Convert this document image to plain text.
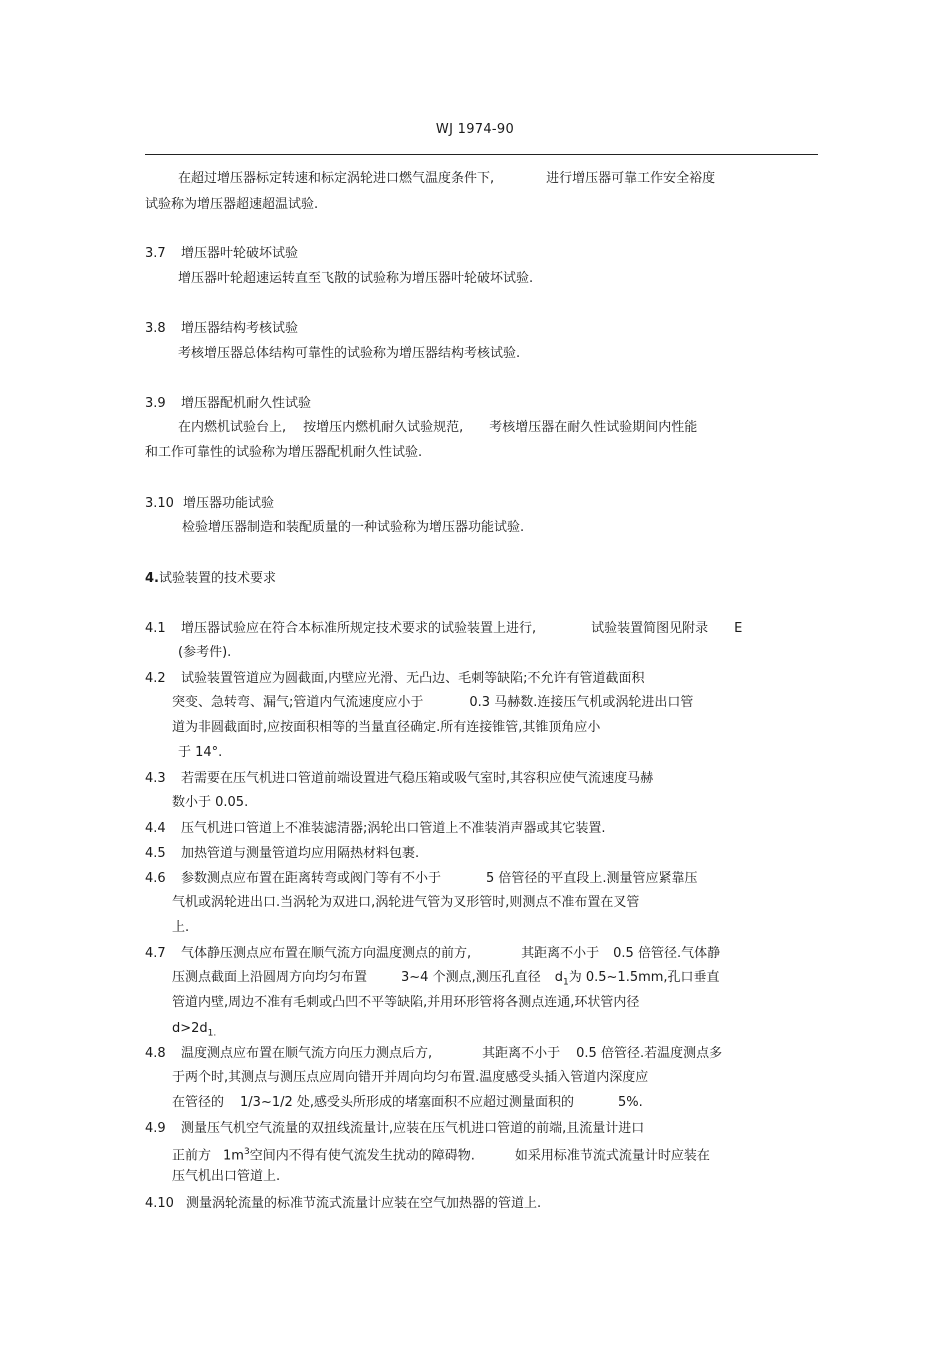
WJ 1974-90
在超过增压器标定转速和标定涡轮进口燃气温度条件下,	进行增压器可靠工作安全裕度
试验称为增压器超速超温试验.
3.7 增压器叶轮破坏试验
增压器叶轮超速运转直至飞散的试验称为增压器叶轮破坏试验.
3.8 增压器结构考核试验
考核增压器总体结构可靠性的试验称为增压器结构考核试验.
3.9 增压器配机耐久性试验
在内燃机试验台上, 按增压内燃机耐久试验规范, 考核增压器在耐久性试验期间内性能
和工作可靠性的试验称为增压器配机耐久性试验.
3.10 增压器功能试验
检验增压器制造和装配质量的一种试验称为增压器功能试验.
4.试验装置的技术要求
4.1 增压器试验应在符合本标准所规定技术要求的试验装置上进行,	试验装置简图见附录 E
(参考件).
4.2 试验装置管道应为圆截面,内壁应光滑、无凸边、毛刺等缺陷;不允许有管道截面积
突变、急转弯、漏气;管道内气流速度应小于	0.3 马赫数.连接压气机或涡轮进出口管
道为非圆截面时,应按面积相等的当量直径确定.所有连接锥管,其锥顶角应小
于 14°.
4.3 若需要在压气机进口管道前端设置进气稳压箱或吸气室时,其容积应使气流速度马赫
数小于 0.05.
4.4 压气机进口管道上不准装滤清器;涡轮出口管道上不准装消声器或其它装置.
4.5 加热管道与测量管道均应用隔热材料包裹.
4.6 参数测点应布置在距离转弯或阀门等有不小于	5 倍管径的平直段上.测量管应紧靠压
气机或涡轮进出口.当涡轮为双进口,涡轮进气管为叉形管时,则测点不准布置在叉管
上.
4.7 气体静压测点应布置在顺气流方向温度测点的前方,	其距离不小于 0.5 倍管径.气体静
压测点截面上沿圆周方向均匀布置	3~4 个测点,测压孔直径 $d_1$为 0.5~1.5mm,孔口垂直
管道内壁,周边不准有毛刺或凸凹不平等缺陷,并用环形管将各测点连通,环状管内径
$d>2d_{1.}$
4.8 温度测点应布置在顺气流方向压力测点后方,	其距离不小于 0.5 倍管径.若温度测点多
于两个时,其测点与测压点应周向错开并周向均匀布置.温度感受头插入管道内深度应
在管径的 1/3~1/2 处,感受头所形成的堵塞面积不应超过测量面积的	5%.
4.9 测量压气机空气流量的双扭线流量计,应装在压气机进口管道的前端,且流量计进口
正前方 $1m^3$空间内不得有使气流发生扰动的障碍物.	如采用标准节流式流量计时应装在
压气机出口管道上.
4.10 测量涡轮流量的标准节流式流量计应装在空气加热器的管道上.
